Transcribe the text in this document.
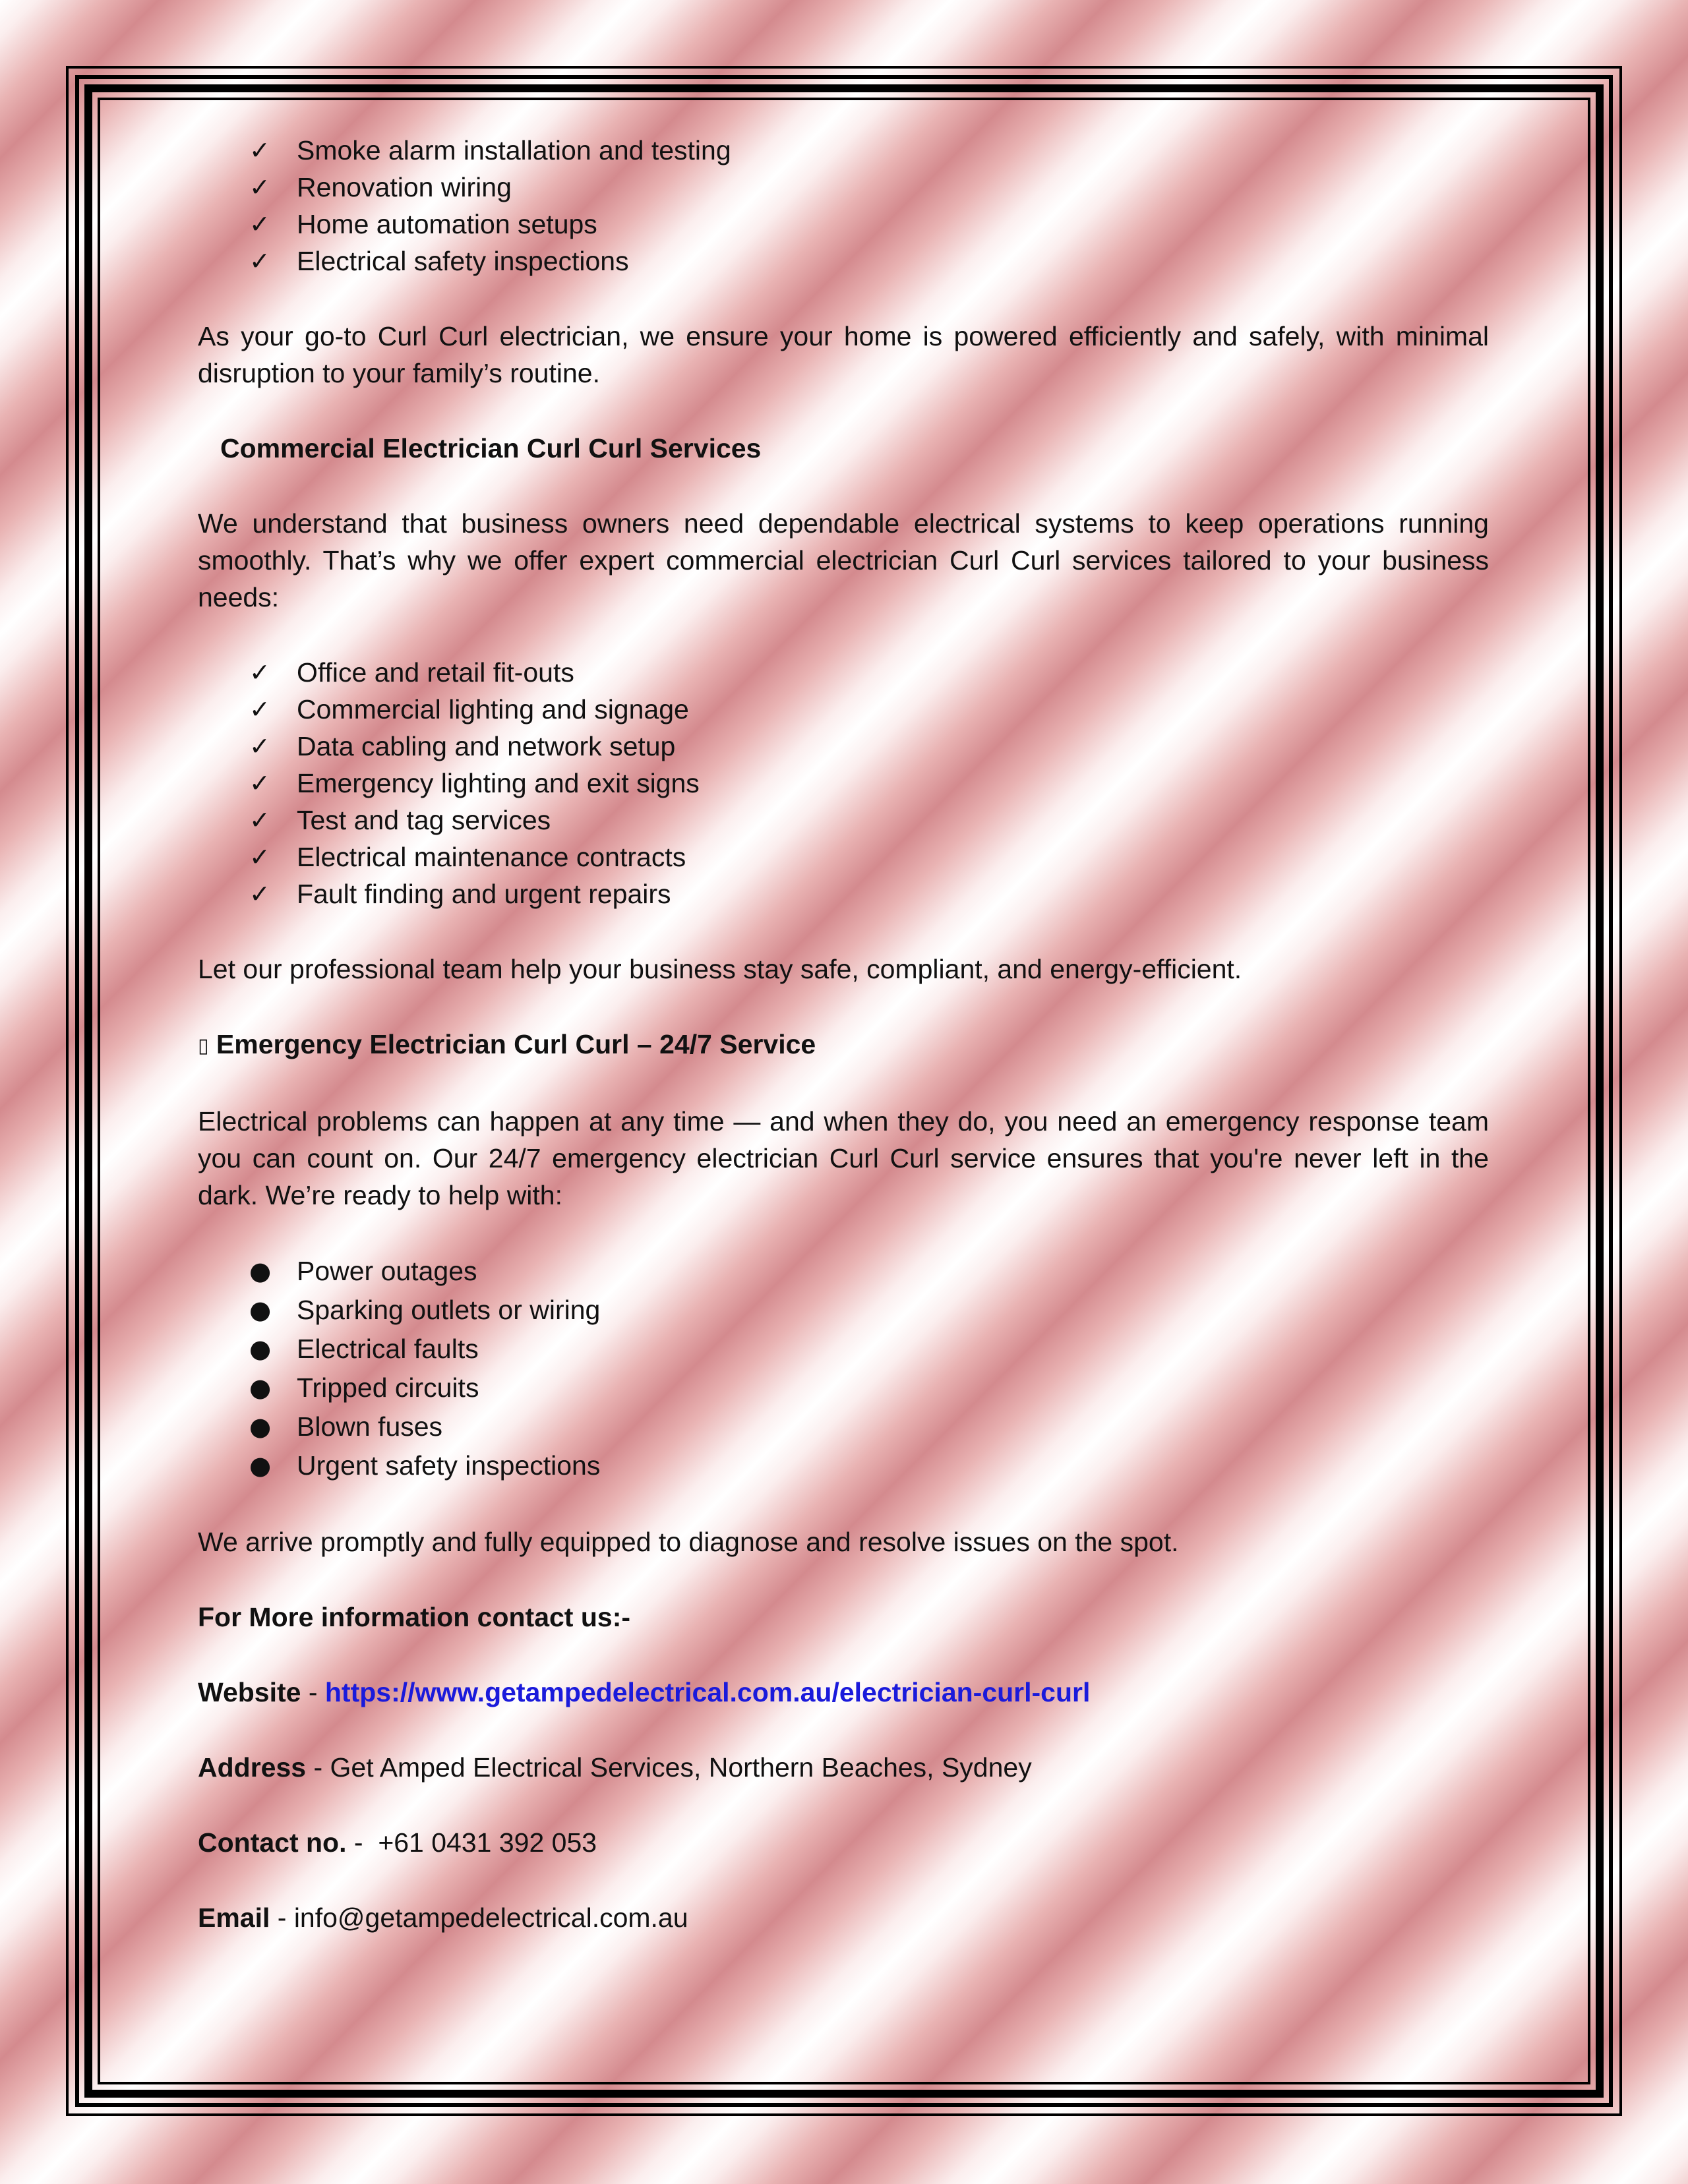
✓ Smoke alarm installation and testing
✓ Renovation wiring
✓ Home automation setups
✓ Electrical safety inspections

As your go-to Curl Curl electrician, we ensure your home is powered efficiently and safely, with minimal disruption to your family’s routine.

Commercial Electrician Curl Curl Services

We understand that business owners need dependable electrical systems to keep operations running smoothly. That’s why we offer expert commercial electrician Curl Curl services tailored to your business needs:

✓ Office and retail fit-outs
✓ Commercial lighting and signage
✓ Data cabling and network setup
✓ Emergency lighting and exit signs
✓ Test and tag services
✓ Electrical maintenance contracts
✓ Fault finding and urgent repairs

Let our professional team help your business stay safe, compliant, and energy-efficient.

▯ Emergency Electrician Curl Curl – 24/7 Service

Electrical problems can happen at any time — and when they do, you need an emergency response team you can count on. Our 24/7 emergency electrician Curl Curl service ensures that you're never left in the dark. We’re ready to help with:

● Power outages
● Sparking outlets or wiring
● Electrical faults
● Tripped circuits
● Blown fuses
● Urgent safety inspections

We arrive promptly and fully equipped to diagnose and resolve issues on the spot.

For More information contact us:-

Website - https://www.getampedelectrical.com.au/electrician-curl-curl

Address - Get Amped Electrical Services, Northern Beaches, Sydney

Contact no. -  +61 0431 392 053

Email - info@getampedelectrical.com.au
